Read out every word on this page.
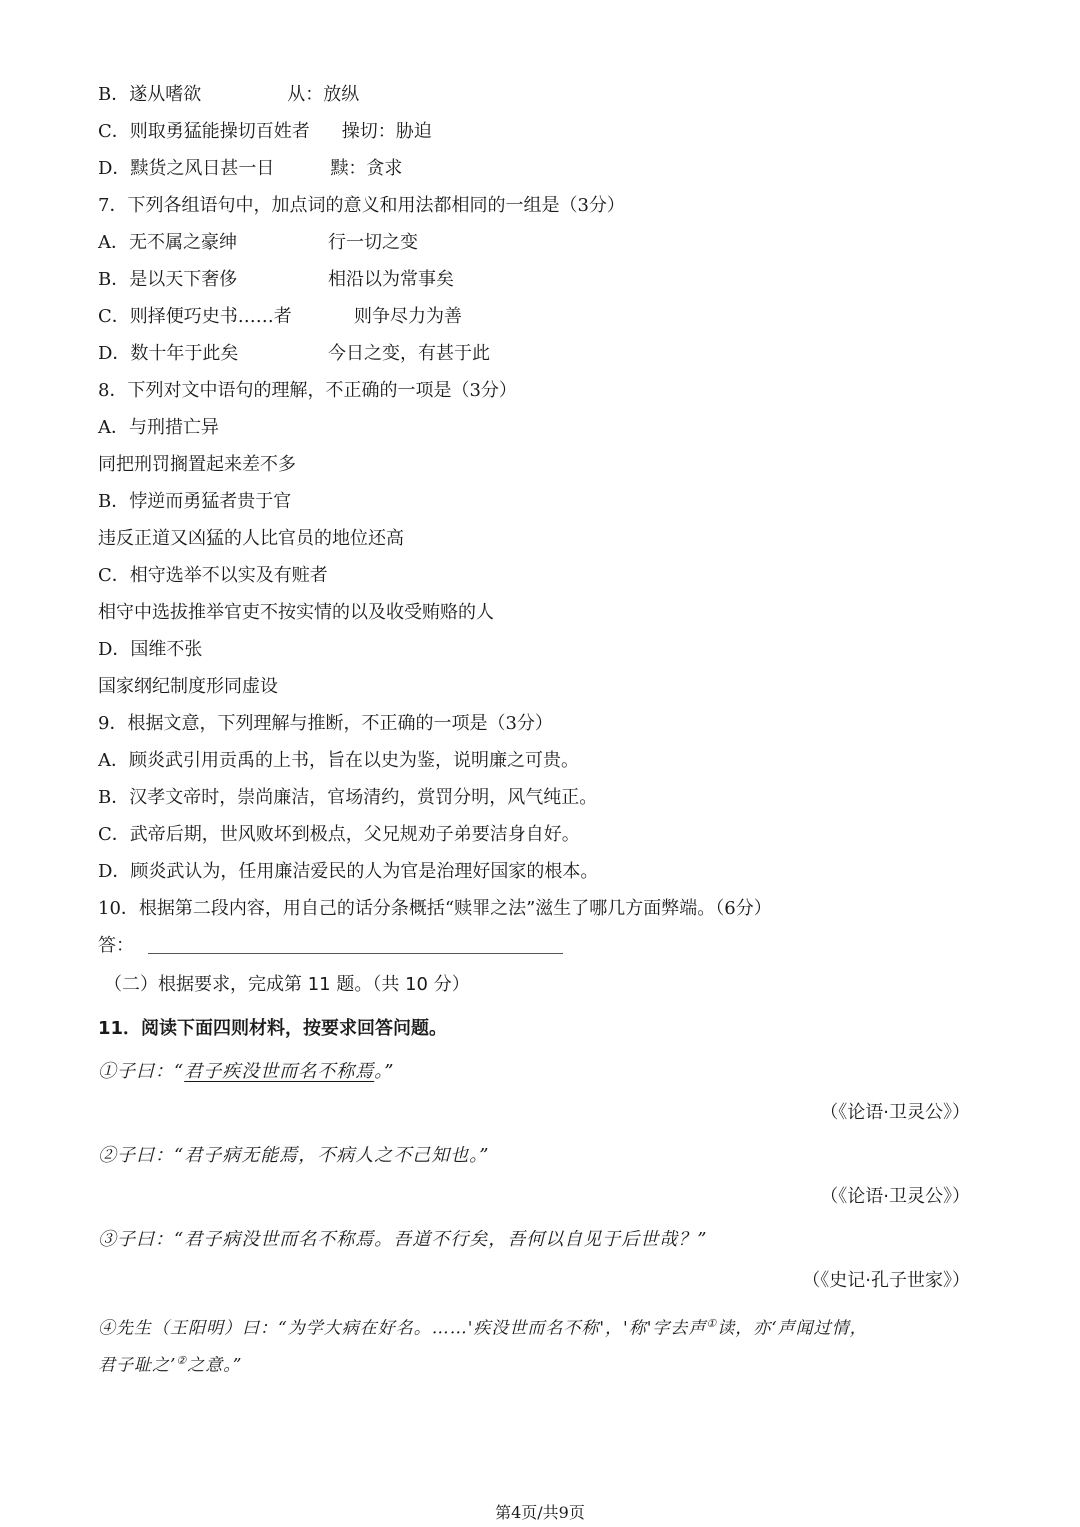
B．遂从嗜欲	从：放纵
C．则取勇猛能操切百姓者 操切：胁迫
D．黩货之风日甚一日	黩：贪求
7．下列各组语句中，加点词的意义和用法都相同的一组是（3分）
A．无不属之豪绅	行一切之变
B．是以天下奢侈	相沿以为常事矣
C．则择便巧史书……者	则争尽力为善
D．数十年于此矣	今日之变，有甚于此
8．下列对文中语句的理解，不正确的一项是（3分）
A．与刑措亡异
同把刑罚搁置起来差不多
B．悖逆而勇猛者贵于官
违反正道又凶猛的人比官员的地位还高
C．相守选举不以实及有赃者
相守中选拔推举官吏不按实情的以及收受贿赂的人
D．国维不张
国家纲纪制度形同虚设
9．根据文意，下列理解与推断，不正确的一项是（3分）
A．顾炎武引用贡禹的上书，旨在以史为鉴，说明廉之可贵。
B．汉孝文帝时，崇尚廉洁，官场清约，赏罚分明，风气纯正。
C．武帝后期，世风败坏到极点，父兄规劝子弟要洁身自好。
D．顾炎武认为，任用廉洁爱民的人为官是治理好国家的根本。
10．根据第二段内容，用自己的话分条概括“赎罪之法”滋生了哪几方面弊端。（6分）
答：
（二）根据要求，完成第 11 题。（共 10 分）
11．阅读下面四则材料，按要求回答问题。
①子曰：“君子疾没世而名不称焉。”
（《论语·卫灵公》）
②子曰：“君子病无能焉，不病人之不己知也。”
（《论语·卫灵公》）
③子曰：“君子病没世而名不称焉。吾道不行矣，吾何以自见于后世哉？”
（《史记·孔子世家》）
④先生（王阳明）曰：“为学大病在好名。……'疾没世而名不称'，'称'字去声①读，亦‘声闻过情，
君子耻之’②之意。”
第4页/共9页
